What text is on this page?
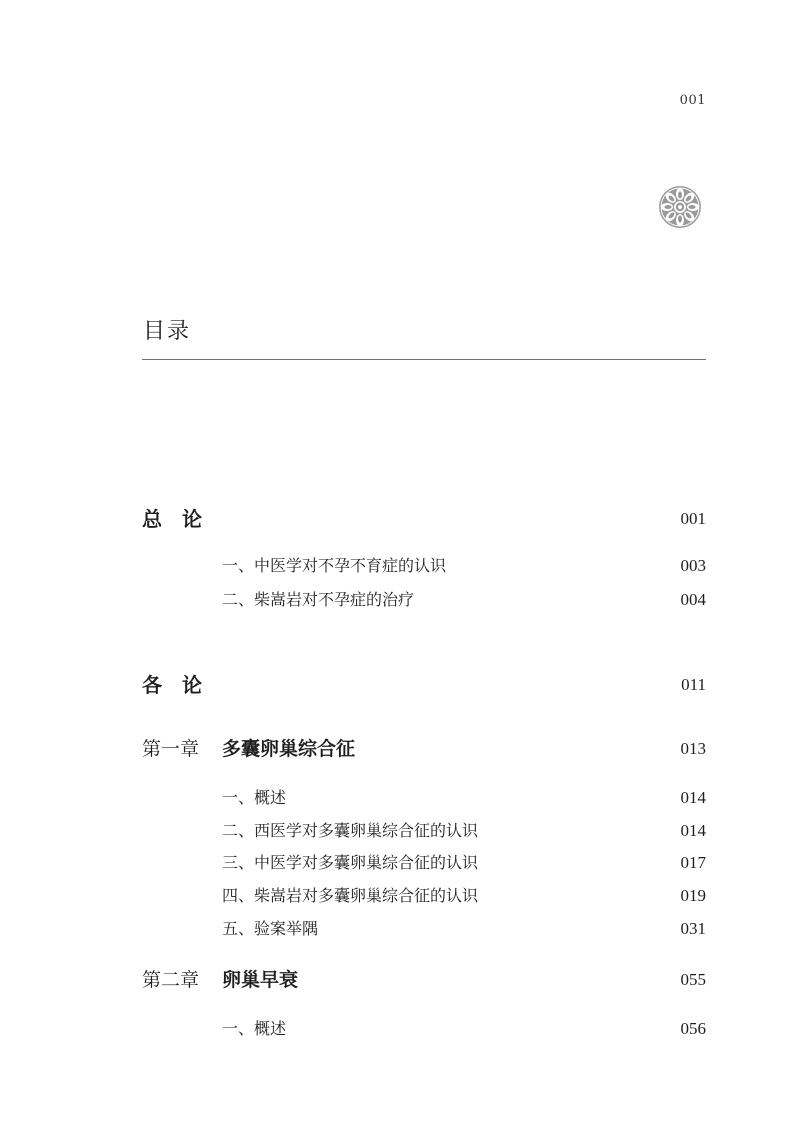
001
目录
总　论	001
一、中医学对不孕不育症的认识	003
二、柴嵩岩对不孕症的治疗	004
各　论	011
第一章 多囊卵巢综合征	013
一、概述	014
二、西医学对多囊卵巢综合征的认识	014
三、中医学对多囊卵巢综合征的认识	017
四、柴嵩岩对多囊卵巢综合征的认识	019
五、验案举隅	031
第二章 卵巢早衰	055
一、概述	056
